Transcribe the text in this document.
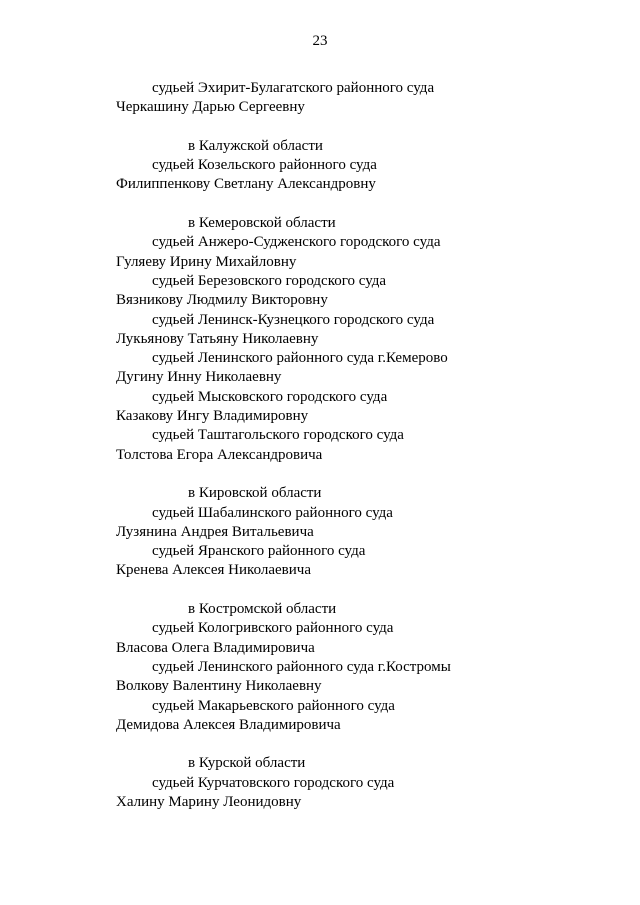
23
судьей Эхирит-Булагатского районного суда
Черкашину Дарью Сергеевну
в Калужской области
судьей Козельского районного суда
Филиппенкову Светлану Александровну
в Кемеровской области
судьей Анжеро-Судженского городского суда
Гуляеву Ирину Михайловну
судьей Березовского городского суда
Вязникову Людмилу Викторовну
судьей Ленинск-Кузнецкого городского суда
Лукьянову Татьяну Николаевну
судьей Ленинского районного суда г.Кемерово
Дугину Инну Николаевну
судьей Мысковского городского суда
Казакову Ингу Владимировну
судьей Таштагольского городского суда
Толстова Егора Александровича
в Кировской области
судьей Шабалинского районного суда
Лузянина Андрея Витальевича
судьей Яранского районного суда
Кренева Алексея Николаевича
в Костромской области
судьей Кологривского районного суда
Власова Олега Владимировича
судьей Ленинского районного суда г.Костромы
Волкову Валентину Николаевну
судьей Макарьевского районного суда
Демидова Алексея Владимировича
в Курской области
судьей Курчатовского городского суда
Халину Марину Леонидовну
